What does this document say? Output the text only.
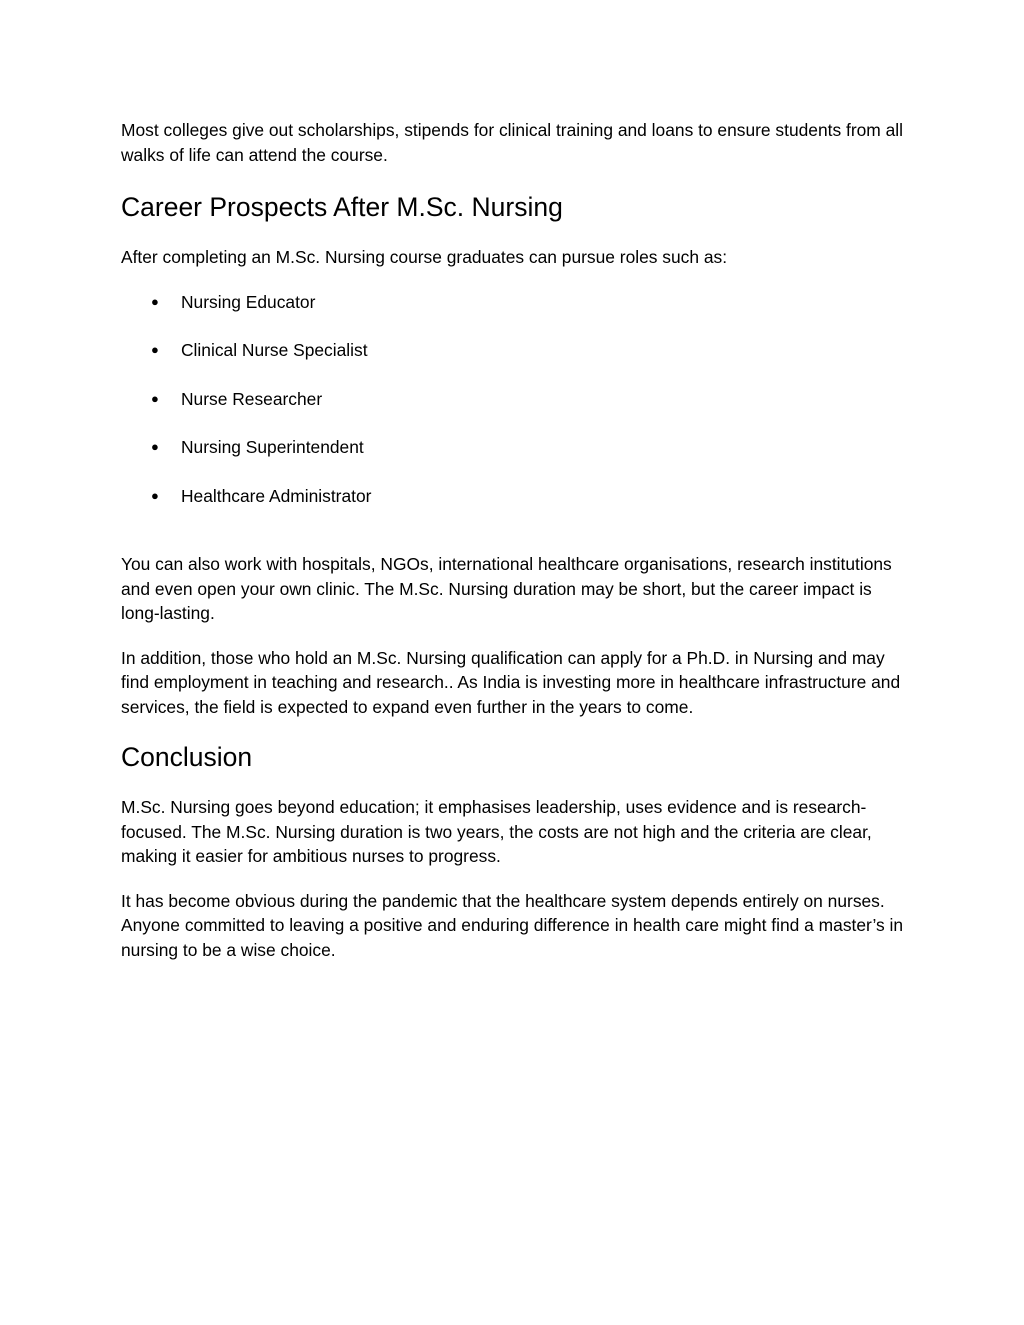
Most colleges give out scholarships, stipends for clinical training and loans to ensure students from all walks of life can attend the course.

Career Prospects After M.Sc. Nursing

After completing an M.Sc. Nursing course graduates can pursue roles such as:

● Nursing Educator
● Clinical Nurse Specialist
● Nurse Researcher
● Nursing Superintendent
● Healthcare Administrator

You can also work with hospitals, NGOs, international healthcare organisations, research institutions and even open your own clinic. The M.Sc. Nursing duration may be short, but the career impact is long-lasting.

In addition, those who hold an M.Sc. Nursing qualification can apply for a Ph.D. in Nursing and may find employment in teaching and research.. As India is investing more in healthcare infrastructure and services, the field is expected to expand even further in the years to come.

Conclusion

M.Sc. Nursing goes beyond education; it emphasises leadership, uses evidence and is research-focused. The M.Sc. Nursing duration is two years, the costs are not high and the criteria are clear, making it easier for ambitious nurses to progress.

It has become obvious during the pandemic that the healthcare system depends entirely on nurses. Anyone committed to leaving a positive and enduring difference in health care might find a master’s in nursing to be a wise choice.
